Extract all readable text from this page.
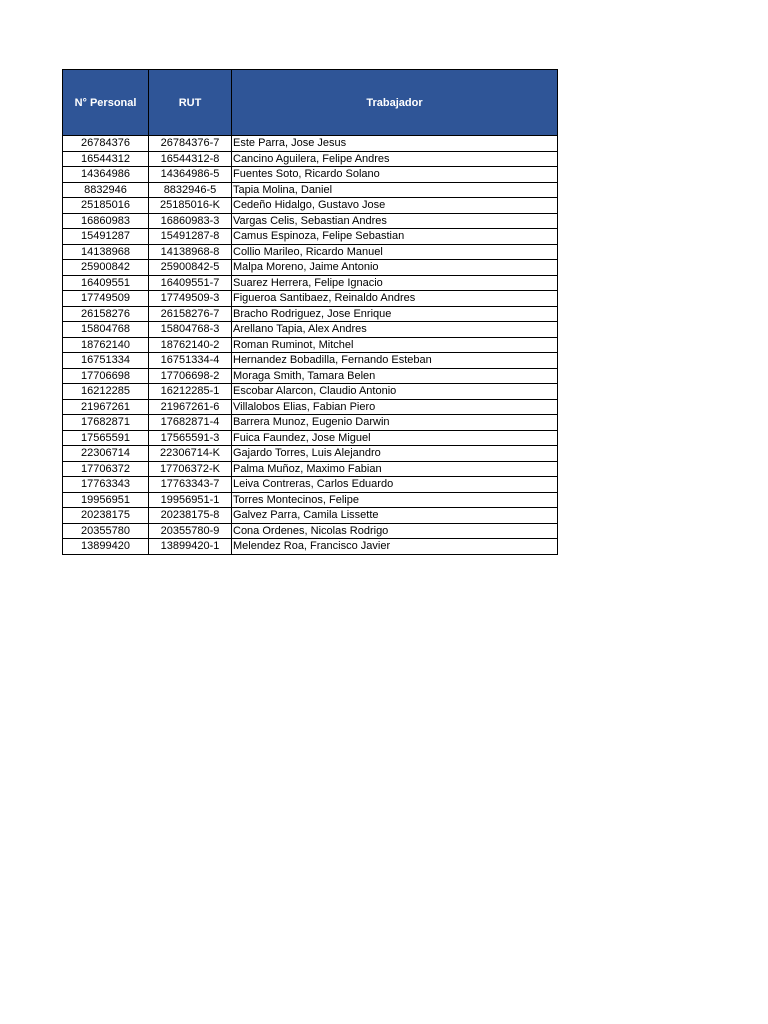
N° Personal	RUT	Trabajador
26784376	26784376-7	Este Parra, Jose Jesus
16544312	16544312-8	Cancino Aguilera, Felipe Andres
14364986	14364986-5	Fuentes Soto, Ricardo Solano
8832946	8832946-5	Tapia Molina, Daniel
25185016	25185016-K	Cedeño Hidalgo, Gustavo Jose
16860983	16860983-3	Vargas Celis, Sebastian Andres
15491287	15491287-8	Camus Espinoza, Felipe Sebastian
14138968	14138968-8	Collio Marileo, Ricardo Manuel
25900842	25900842-5	Malpa Moreno, Jaime Antonio
16409551	16409551-7	Suarez Herrera, Felipe Ignacio
17749509	17749509-3	Figueroa Santibaez, Reinaldo Andres
26158276	26158276-7	Bracho Rodriguez, Jose Enrique
15804768	15804768-3	Arellano Tapia, Alex Andres
18762140	18762140-2	Roman Ruminot, Mitchel
16751334	16751334-4	Hernandez Bobadilla, Fernando Esteban
17706698	17706698-2	Moraga Smith, Tamara Belen
16212285	16212285-1	Escobar Alarcon, Claudio Antonio
21967261	21967261-6	Villalobos Elias, Fabian Piero
17682871	17682871-4	Barrera Munoz, Eugenio Darwin
17565591	17565591-3	Fuica Faundez, Jose Miguel
22306714	22306714-K	Gajardo Torres, Luis Alejandro
17706372	17706372-K	Palma Muñoz, Maximo Fabian
17763343	17763343-7	Leiva Contreras, Carlos Eduardo
19956951	19956951-1	Torres Montecinos, Felipe
20238175	20238175-8	Galvez Parra, Camila Lissette
20355780	20355780-9	Cona Ordenes, Nicolas Rodrigo
13899420	13899420-1	Melendez Roa, Francisco Javier
